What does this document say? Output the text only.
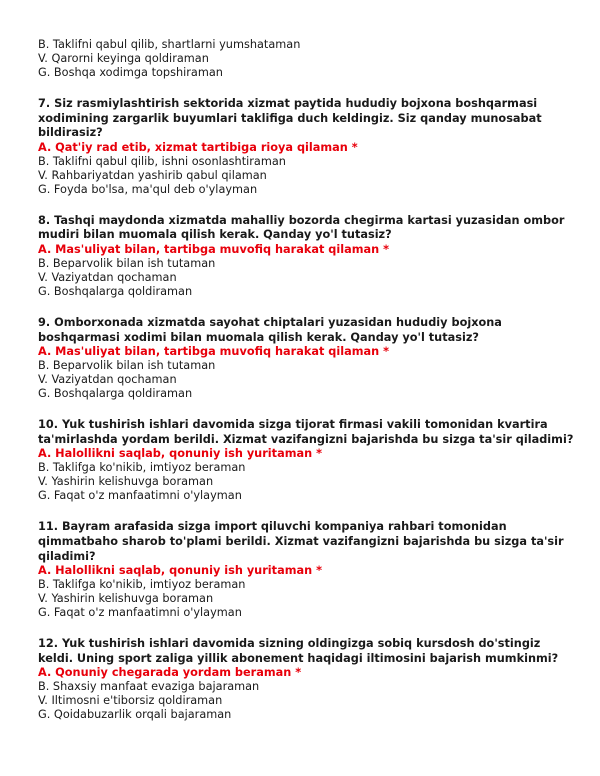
B. Taklifni qabul qilib, shartlarni yumshataman
V. Qarorni keyinga qoldiraman
G. Boshqa xodimga topshiraman
7. Siz rasmiylashtirish sektorida xizmat paytida hududiy bojxona boshqarmasi xodimining zargarlik buyumlari taklifiga duch keldingiz. Siz qanday munosabat bildirasiz?
A. Qat'iy rad etib, xizmat tartibiga rioya qilaman *
B. Taklifni qabul qilib, ishni osonlashtiraman
V. Rahbariyatdan yashirib qabul qilaman
G. Foyda bo'lsa, ma'qul deb o'ylayman
8. Tashqi maydonda xizmatda mahalliy bozorda chegirma kartasi yuzasidan ombor mudiri bilan muomala qilish kerak. Qanday yo'l tutasiz?
A. Mas'uliyat bilan, tartibga muvofiq harakat qilaman *
B. Beparvolik bilan ish tutaman
V. Vaziyatdan qochaman
G. Boshqalarga qoldiraman
9. Omborxonada xizmatda sayohat chiptalari yuzasidan hududiy bojxona boshqarmasi xodimi bilan muomala qilish kerak. Qanday yo'l tutasiz?
A. Mas'uliyat bilan, tartibga muvofiq harakat qilaman *
B. Beparvolik bilan ish tutaman
V. Vaziyatdan qochaman
G. Boshqalarga qoldiraman
10. Yuk tushirish ishlari davomida sizga tijorat firmasi vakili tomonidan kvartira ta'mirlashda yordam berildi. Xizmat vazifangizni bajarishda bu sizga ta'sir qiladimi?
A. Halollikni saqlab, qonuniy ish yuritaman *
B. Taklifga ko'nikib, imtiyoz beraman
V. Yashirin kelishuvga boraman
G. Faqat o'z manfaatimni o'ylayman
11. Bayram arafasida sizga import qiluvchi kompaniya rahbari tomonidan qimmatbaho sharob to'plami berildi. Xizmat vazifangizni bajarishda bu sizga ta'sir qiladimi?
A. Halollikni saqlab, qonuniy ish yuritaman *
B. Taklifga ko'nikib, imtiyoz beraman
V. Yashirin kelishuvga boraman
G. Faqat o'z manfaatimni o'ylayman
12. Yuk tushirish ishlari davomida sizning oldingizga sobiq kursdosh do'stingiz keldi. Uning sport zaliga yillik abonement haqidagi iltimosini bajarish mumkinmi?
A. Qonuniy chegarada yordam beraman *
B. Shaxsiy manfaat evaziga bajaraman
V. Iltimosni e'tiborsiz qoldiraman
G. Qoidabuzarlik orqali bajaraman
